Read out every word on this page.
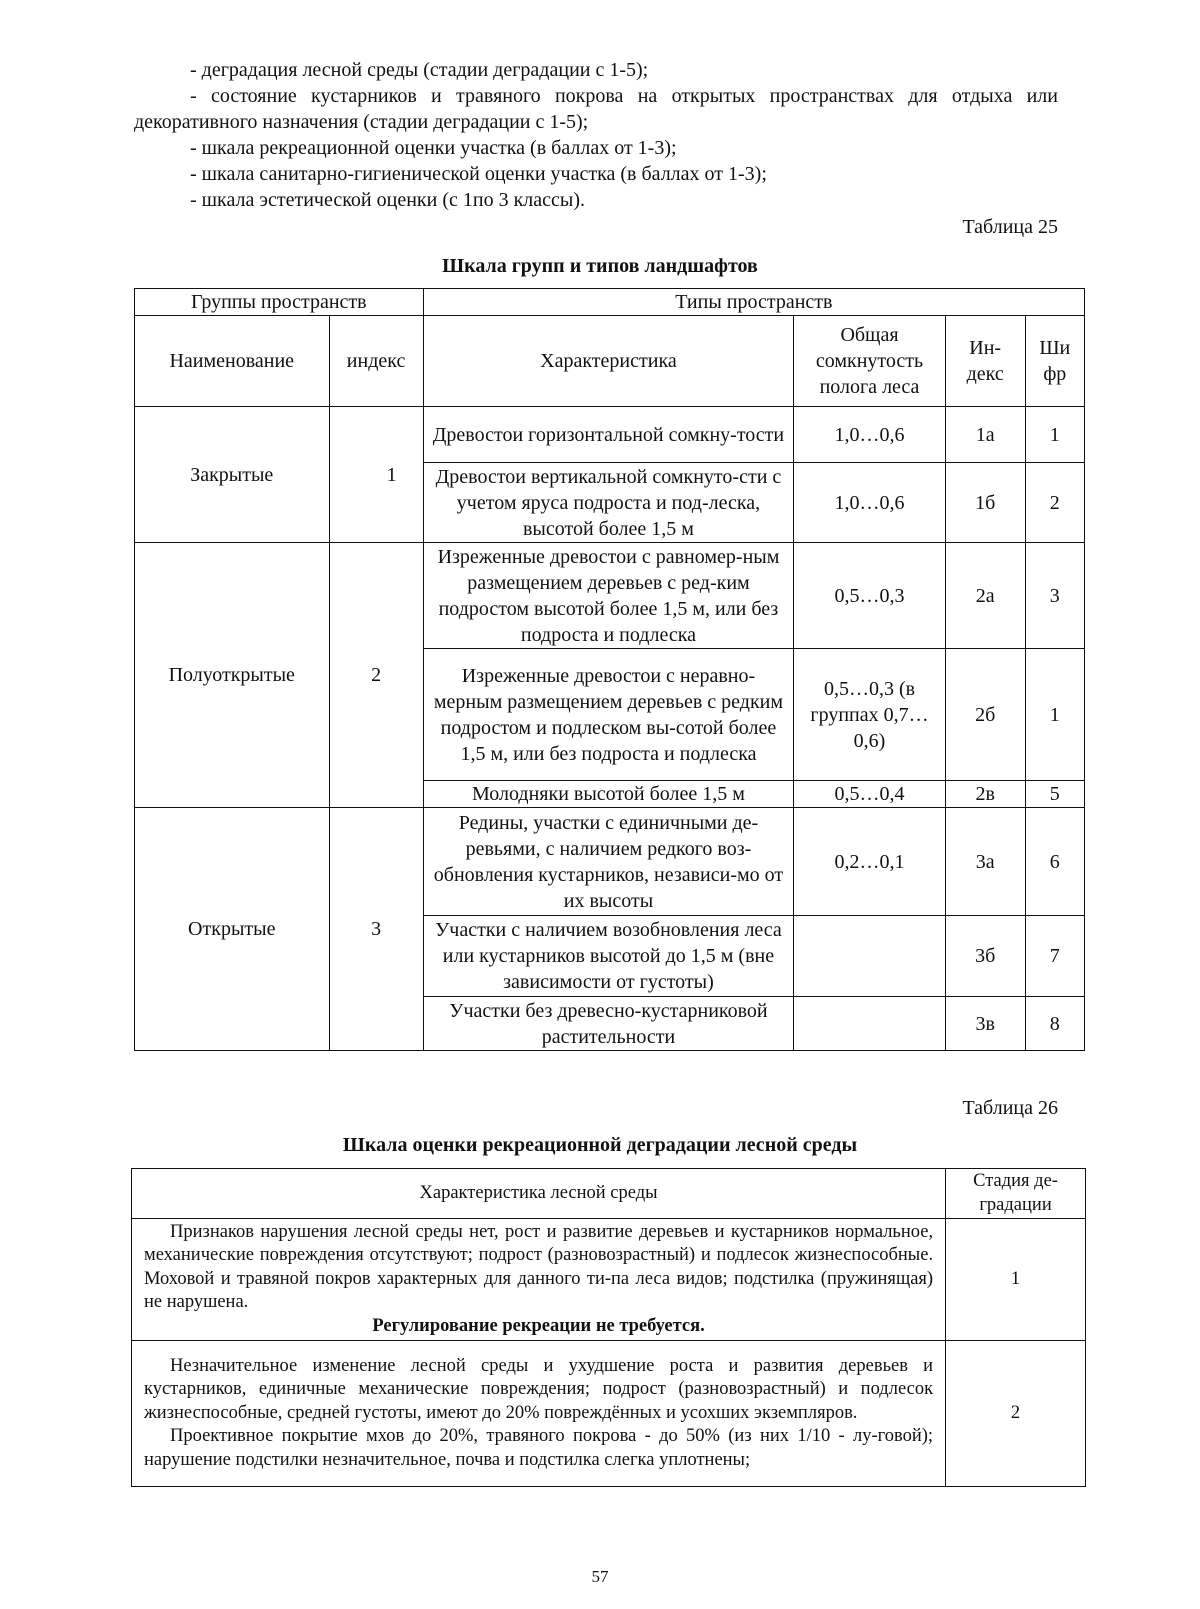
- деградация лесной среды (стадии деградации с 1-5);
- состояние кустарников и травяного покрова на открытых пространствах для отдыха или декоративного назначения (стадии деградации с 1-5);
- шкала рекреационной оценки участка (в баллах от 1-3);
- шкала санитарно-гигиенической оценки участка (в баллах от 1-3);
- шкала эстетической оценки (с 1по 3 классы).
Таблица 25
Шкала групп и типов ландшафтов
Группы пространств		Типы пространств			
Наименование	индекс	Характеристика	Общая сомкнутость полога леса	Ин-декс	Ши фр
Закрытые	1	Древостои горизонтальной сомкну-тости	1,0…0,6	1а	1
		Древостои вертикальной сомкнуто-сти с учетом яруса подроста и под-леска, высотой более 1,5 м	1,0…0,6	1б	2
Полуоткрытые	2	Изреженные древостои с равномер-ным размещением деревьев с ред-ким подростом высотой более 1,5 м, или без подроста и подлеска	0,5…0,3	2а	3
		Изреженные древостои с неравно-мерным размещением деревьев с редким подростом и подлеском вы-сотой более 1,5 м, или без подроста и подлеска	0,5…0,3 (в группах 0,7…0,6)	2б	1
		Молодняки высотой более 1,5 м	0,5…0,4	2в	5
Открытые	3	Редины, участки с единичными де-ревьями, с наличием редкого воз-обновления кустарников, независи-мо от их высоты	0,2…0,1	3а	6
		Участки с наличием возобновления леса или кустарников высотой до 1,5 м (вне зависимости от густоты)		3б	7
		Участки без древесно-кустарниковой растительности		3в	8
Таблица 26
Шкала оценки рекреационной деградации лесной среды
Характеристика лесной среды	Стадия де-градации

Признаков нарушения лесной среды нет, рост и развитие деревьев и кустарников нормальное, механические повреждения отсутствуют; подрост (разновозрастный) и подлесок жизнеспособные. Моховой и травяной покров характерных для данного ти-па леса видов; подстилка (пружинящая) не нарушена.
Регулирование рекреации не требуется.	1

Незначительное изменение лесной среды и ухудшение роста и развития деревьев и кустарников, единичные механические повреждения; подрост (разновозрастный) и подлесок жизнеспособные, средней густоты, имеют до 20% повреждённых и усохших экземпляров.
Проективное покрытие мхов до 20%, травяного покрова - до 50% (из них 1/10 - лу-говой); нарушение подстилки незначительное, почва и подстилка слегка уплотнены;	2
57
